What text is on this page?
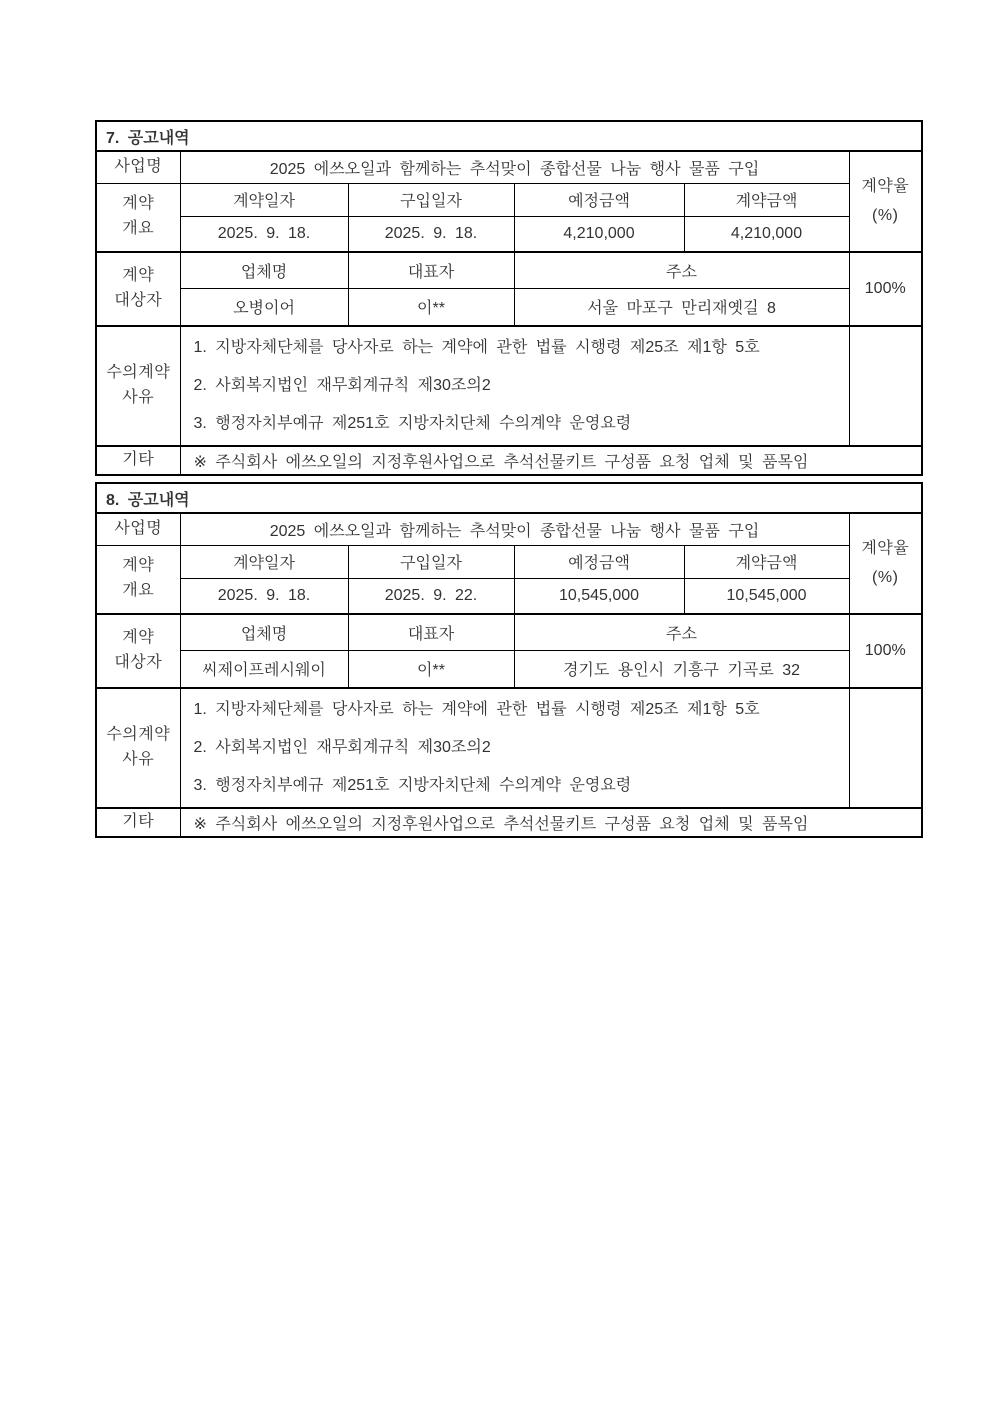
7. 공고내역					
사업명	2025 에쓰오일과 함께하는 추석맞이 종합선물 나눔 행사 물품 구입				계약율
(%)
계약
개요	계약일자	구입일자	예정금액	계약금액	
	2025. 9. 18.	2025. 9. 18.	4,210,000	4,210,000	
계약
대상자	업체명	대표자	주소		100%
	오병이어	이**	서울 마포구 만리재옛길 8		
수의계약
사유	
1. 지방자체단체를 당사자로 하는 계약에 관한 법률 시행령 제25조 제1항 5호
2. 사회복지법인 재무회계규칙 제30조의2
3. 행정자치부예규 제251호 지방자치단체 수의계약 운영요령

기타	※ 주식회사 에쓰오일의 지정후원사업으로 추석선물키트 구성품 요청 업체 및 품목임				
8. 공고내역					
사업명	2025 에쓰오일과 함께하는 추석맞이 종합선물 나눔 행사 물품 구입				계약율
(%)
계약
개요	계약일자	구입일자	예정금액	계약금액	
	2025. 9. 18.	2025. 9. 22.	10,545,000	10,545,000	
계약
대상자	업체명	대표자	주소		100%
	씨제이프레시웨이	이**	경기도 용인시 기흥구 기곡로 32		
수의계약
사유	
1. 지방자체단체를 당사자로 하는 계약에 관한 법률 시행령 제25조 제1항 5호
2. 사회복지법인 재무회계규칙 제30조의2
3. 행정자치부예규 제251호 지방자치단체 수의계약 운영요령

기타	※ 주식회사 에쓰오일의 지정후원사업으로 추석선물키트 구성품 요청 업체 및 품목임				
